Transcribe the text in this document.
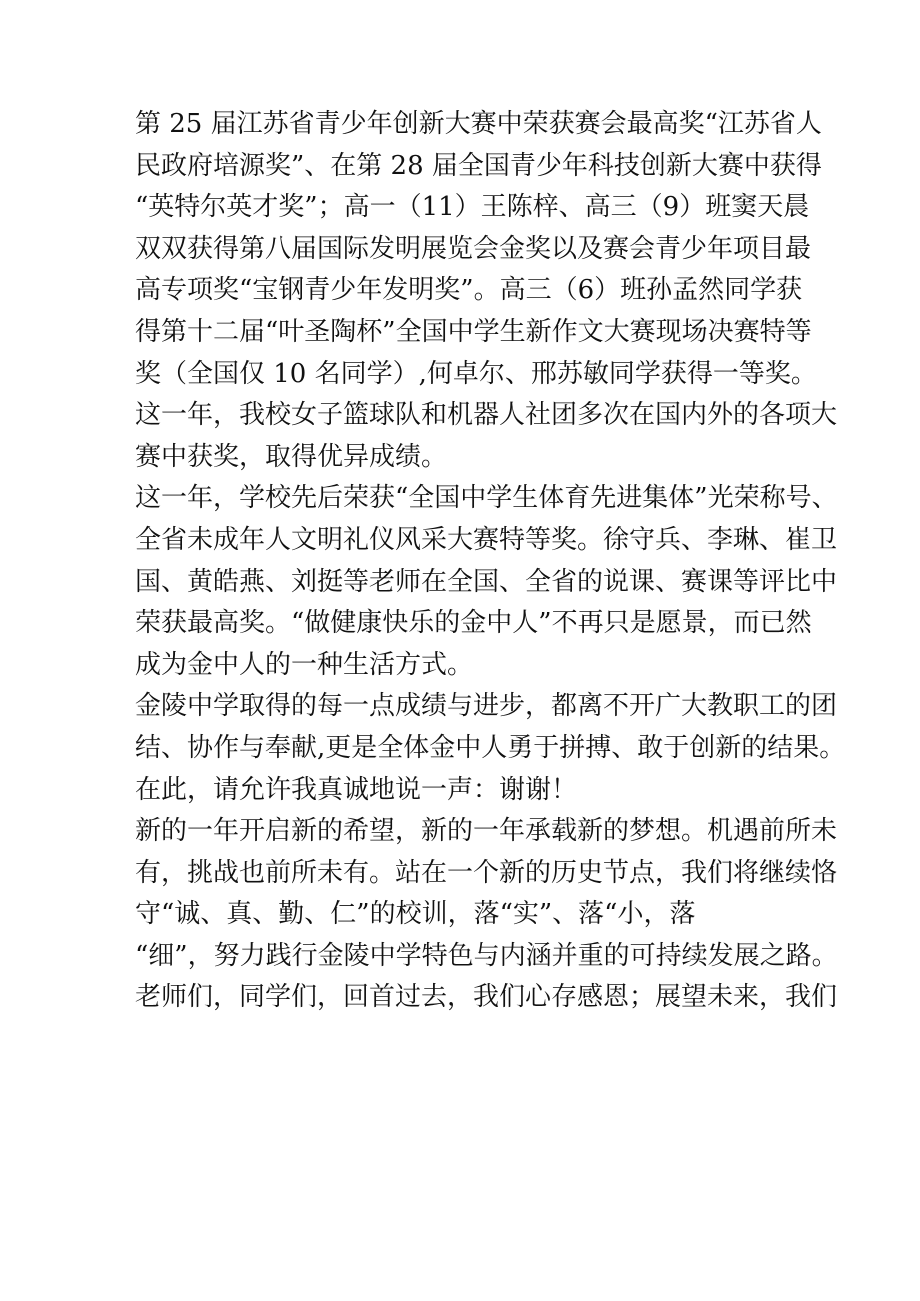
第 25 届江苏省青少年创新大赛中荣获赛会最高奖“江苏省人
民政府培源奖”、在第 28 届全国青少年科技创新大赛中获得
“英特尔英才奖”；高一（11）王陈梓、高三（9）班窦天晨
双双获得第八届国际发明展览会金奖以及赛会青少年项目最
高专项奖“宝钢青少年发明奖”。高三（6）班孙孟然同学获
得第十二届“叶圣陶杯”全国中学生新作文大赛现场决赛特等
奖（全国仅 10 名同学）,何卓尔、邢苏敏同学获得一等奖。
这一年，我校女子篮球队和机器人社团多次在国内外的各项大
赛中获奖，取得优异成绩。
这一年，学校先后荣获“全国中学生体育先进集体”光荣称号、
全省未成年人文明礼仪风采大赛特等奖。徐守兵、李琳、崔卫
国、黄皓燕、刘挺等老师在全国、全省的说课、赛课等评比中
荣获最高奖。“做健康快乐的金中人”不再只是愿景，而已然
成为金中人的一种生活方式。
金陵中学取得的每一点成绩与进步，都离不开广大教职工的团
结、协作与奉献,更是全体金中人勇于拼搏、敢于创新的结果。
在此，请允许我真诚地说一声：谢谢！
新的一年开启新的希望，新的一年承载新的梦想。机遇前所未
有，挑战也前所未有。站在一个新的历史节点，我们将继续恪
守“诚、真、勤、仁”的校训，落“实”、落“小，落
“细”，努力践行金陵中学特色与内涵并重的可持续发展之路。
老师们，同学们，回首过去，我们心存感恩；展望未来，我们
